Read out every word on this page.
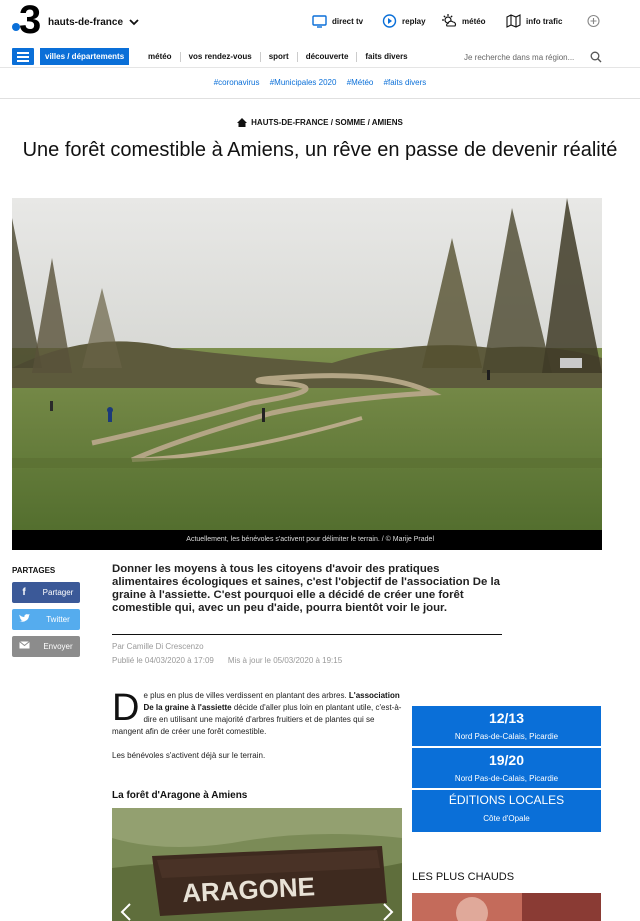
3 hauts-de-france	direct tv	replay	météo	info trafic
villes / départements	météo	vos rendez-vous	sport	découverte	faits divers	Je recherche dans ma région...
#coronavirus #Municipales 2020 #Météo #faits divers
HAUTS-DE-FRANCE / SOMME / AMIENS
Une forêt comestible à Amiens, un rêve en passe de devenir réalité
Actuellement, les bénévoles s'activent pour délimiter le terrain. / © Marije Pradel
PARTAGES
f	Partager
Twitter
Envoyer

Donner les moyens à tous les citoyens d'avoir des pratiques alimentaires écologiques et saines, c'est l'objectif de l'association De la graine à l'assiette. C'est pourquoi elle a décidé de créer une forêt comestible qui, avec un peu d'aide, pourra bientôt voir le jour.

Par Camille Di Crescenzo
Publié le 04/03/2020 à 17:09 Mis à jour le 05/03/2020 à 19:15

De plus en plus de villes verdissent en plantant des arbres. L'association De la graine à l'assiette décide d'aller plus loin en plantant utile, c'est-à-dire en utilisant une majorité d'arbres fruitiers et de plantes qui se mangent afin de créer une forêt comestible.

Les bénévoles s'activent déjà sur le terrain.

La forêt d'Aragone à Amiens
ARAGONE
12/13
Nord Pas-de-Calais, Picardie
19/20
Nord Pas-de-Calais, Picardie
ÉDITIONS LOCALES
Côte d'Opale
LES PLUS CHAUDS
